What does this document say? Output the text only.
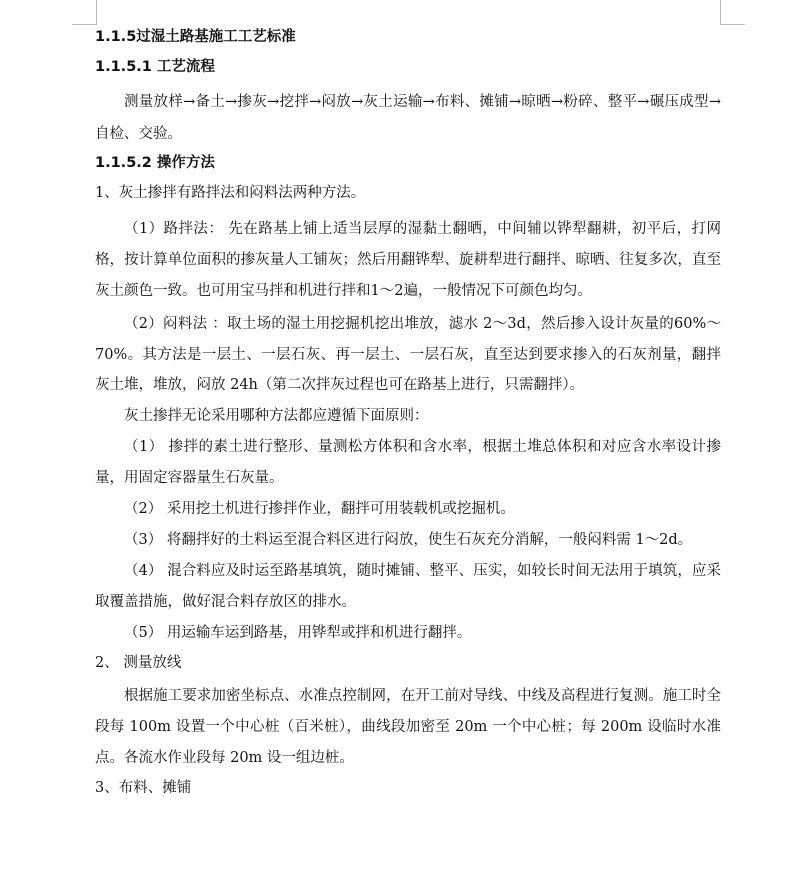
1.1.5过湿土路基施工工艺标准
1.1.5.1 工艺流程

测量放样→备土→掺灰→挖拌→闷放→灰土运输→布料、摊铺→晾晒→粉碎、整平→碾压成型→自检、交验。

1.1.5.2 操作方法

1、灰土掺拌有路拌法和闷料法两种方法。

（1）路拌法： 先在路基上铺上适当层厚的湿黏土翻晒，中间辅以铧犁翻耕，初平后，打网格，按计算单位面积的掺灰量人工铺灰；然后用翻铧犁、旋耕犁进行翻拌、晾晒、往复多次，直至灰土颜色一致。也可用宝马拌和机进行拌和1～2遍，一般情况下可颜色均匀。

（2）闷料法 ：取土场的湿土用挖掘机挖出堆放，滤水 2～3d，然后掺入设计灰量的60%～70%。其方法是一层土、一层石灰、再一层土、一层石灰，直至达到要求掺入的石灰剂量，翻拌灰土堆，堆放，闷放 24h（第二次拌灰过程也可在路基上进行，只需翻拌）。

灰土掺拌无论采用哪种方法都应遵循下面原则：

（1） 掺拌的素土进行整形、量测松方体积和含水率，根据土堆总体积和对应含水率设计掺量，用固定容器量生石灰量。

（2） 采用挖土机进行掺拌作业，翻拌可用装载机或挖掘机。

（3） 将翻拌好的土料运至混合料区进行闷放，使生石灰充分消解，一般闷料需 1～2d。

（4） 混合料应及时运至路基填筑，随时摊铺、整平、压实，如较长时间无法用于填筑，应采取覆盖措施，做好混合料存放区的排水。

（5） 用运输车运到路基，用铧犁或拌和机进行翻拌。

2、 测量放线

根据施工要求加密坐标点、水准点控制网，在开工前对导线、中线及高程进行复测。施工时全段每 100m 设置一个中心桩（百米桩），曲线段加密至 20m 一个中心桩；每 200m 设临时水准点。各流水作业段每 20m 设一组边桩。

3、布料、摊铺
